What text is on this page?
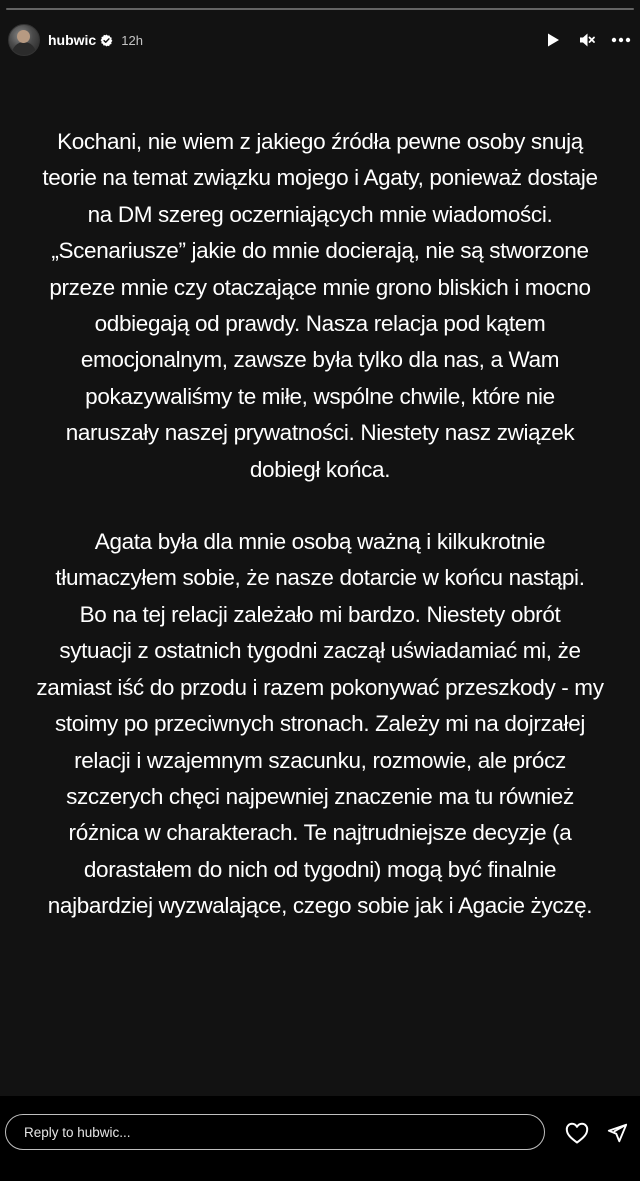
hubwic 12h

Kochani, nie wiem z jakiego źródła pewne osoby snują
teorie na temat związku mojego i Agaty, ponieważ dostaje
na DM szereg oczerniających mnie wiadomości.
„Scenariusze” jakie do mnie docierają, nie są stworzone
przeze mnie czy otaczające mnie grono bliskich i mocno
odbiegają od prawdy. Nasza relacja pod kątem
emocjonalnym, zawsze była tylko dla nas, a Wam
pokazywaliśmy te miłe, wspólne chwile, które nie
naruszały naszej prywatności. Niestety nasz związek
dobiegł końca.

Agata była dla mnie osobą ważną i kilkukrotnie
tłumaczyłem sobie, że nasze dotarcie w końcu nastąpi.
Bo na tej relacji zależało mi bardzo. Niestety obrót
sytuacji z ostatnich tygodni zaczął uświadamiać mi, że
zamiast iść do przodu i razem pokonywać przeszkody - my
stoimy po przeciwnych stronach. Zależy mi na dojrzałej
relacji i wzajemnym szacunku, rozmowie, ale prócz
szczerych chęci najpewniej znaczenie ma tu również
różnica w charakterach. Te najtrudniejsze decyzje (a
dorastałem do nich od tygodni) mogą być finalnie
najbardziej wyzwalające, czego sobie jak i Agacie życzę.

Reply to hubwic...
